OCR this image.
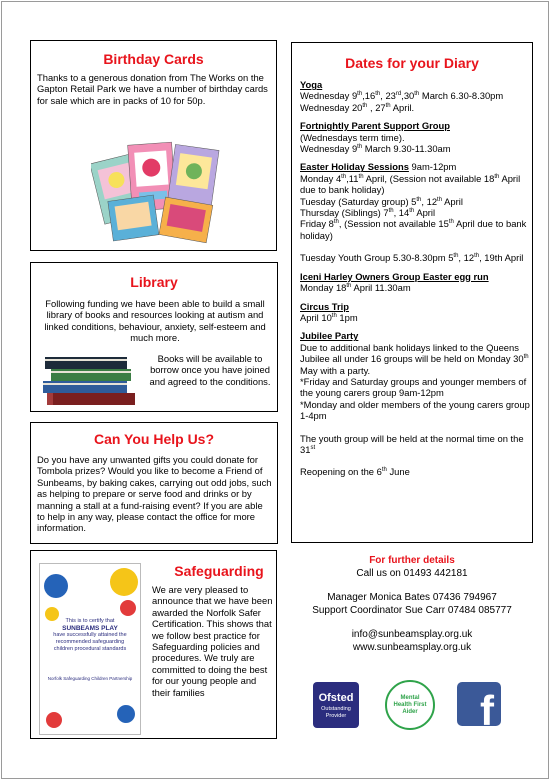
Birthday Cards

Thanks to a generous donation from The Works on the Gapton Retail Park we have a number of birthday cards for sale which are in packs of 10 for 50p.

Library

Following funding we have been able to build a small library of books and resources looking at autism and linked conditions, behaviour, anxiety, self-esteem and much more.

Books will be available to borrow once you have joined and agreed to the conditions.

Can You Help Us?

Do you have any unwanted gifts you could donate for Tombola prizes? Would you like to become a Friend of Sunbeams, by baking cakes, carrying out odd jobs, such as helping to prepare or serve food and drinks or by manning a stall at a fund-raising event? If you are able to help in any way, please contact the office for more information.

This is to certify that
SUNBEAMS PLAY
have successfully attained the recommended safeguarding children procedural standards
Norfolk Safeguarding Children Partnership
Safeguarding

We are very pleased to announce that we have been awarded the Norfolk Safer Certification. This shows that we follow best practice for Safeguarding policies and procedures. We truly are committed to doing the best for our young people and their families

Dates for your Diary
Yoga
Wednesday 9th,16th, 23rd,30th March 6.30-8.30pm
Wednesday 20th , 27th April.
Fortnightly Parent Support Group
(Wednesdays term time).
Wednesday 9th March 9.30-11.30am
Easter Holiday Sessions 9am-12pm
Monday 4th,11th April, (Session not available 18th April due to bank holiday)
Tuesday (Saturday group) 5th, 12th April
Thursday (Siblings) 7th, 14th April
Friday 8th, (Session not available 15th April due to bank holiday)
Tuesday Youth Group 5.30-8.30pm 5th, 12th, 19th April
Iceni Harley Owners Group Easter egg run
Monday 18th April 11.30am
Circus Trip
April 10th 1pm
Jubilee Party
Due to additional bank holidays linked to the Queens Jubilee all under 16 groups will be held on Monday 30th May with a party.
*Friday and Saturday groups and younger members of the young carers group 9am-12pm
*Monday and older members of the young carers group 1-4pm
The youth group will be held at the normal time on the 31st
Reopening on the 6th June
For further details
Call us on 01493 442181
Manager Monica Bates 07436 794967
Support Coordinator Sue Carr 07484 085777
info@sunbeamsplay.org.uk
www.sunbeamsplay.org.uk
Ofsted
Outstanding Provider
Mental Health First Aider	f
